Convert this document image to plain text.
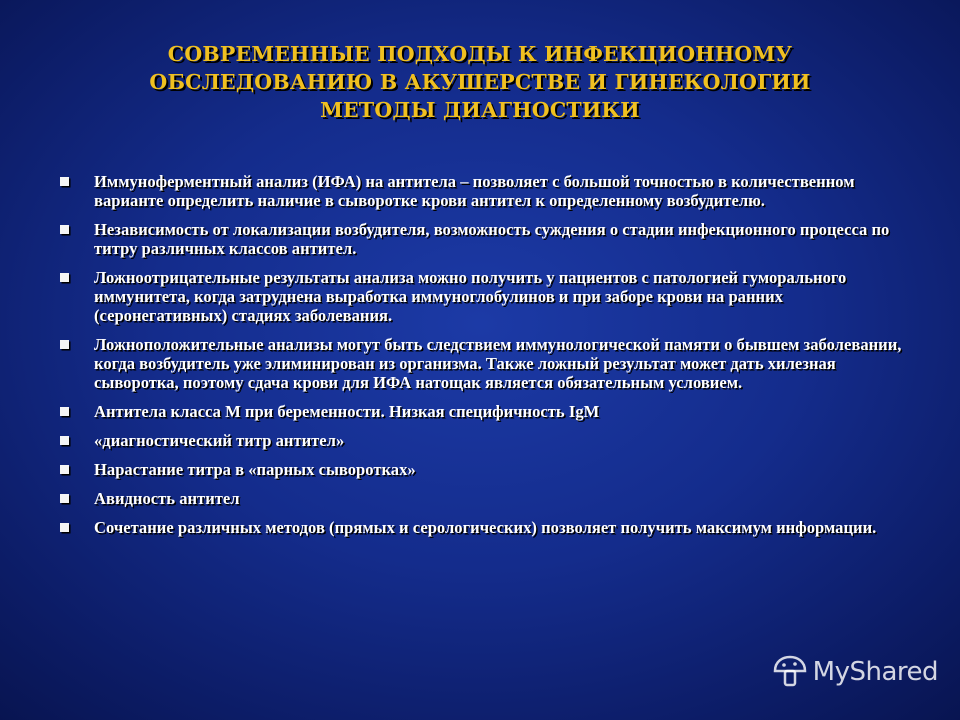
СОВРЕМЕННЫЕ ПОДХОДЫ К ИНФЕКЦИОННОМУ
ОБСЛЕДОВАНИЮ В АКУШЕРСТВЕ И ГИНЕКОЛОГИИ
МЕТОДЫ ДИАГНОСТИКИ
Иммуноферментный анализ (ИФА) на антитела – позволяет с большой точностью в количественном варианте определить наличие в сыворотке крови антител к определенному возбудителю.
Независимость от локализации возбудителя, возможность суждения о стадии инфекционного процесса по титру различных классов антител.
Ложноотрицательные результаты анализа можно получить у пациентов с патологией гуморального иммунитета, когда затруднена выработка иммуноглобулинов и при заборе крови на ранних (серонегативных) стадиях заболевания.
Ложноположительные анализы могут быть следствием иммунологической памяти о бывшем заболевании, когда возбудитель уже элиминирован из организма. Также ложный результат может дать хилезная сыворотка, поэтому сдача крови для ИФА натощак является обязательным условием.
Антитела класса М при беременности. Низкая специфичность IgM
«диагностический титр антител»
Нарастание титра в «парных сыворотках»
Авидность антител
Сочетание различных методов (прямых и серологических) позволяет получить максимум информации.
MyShared
